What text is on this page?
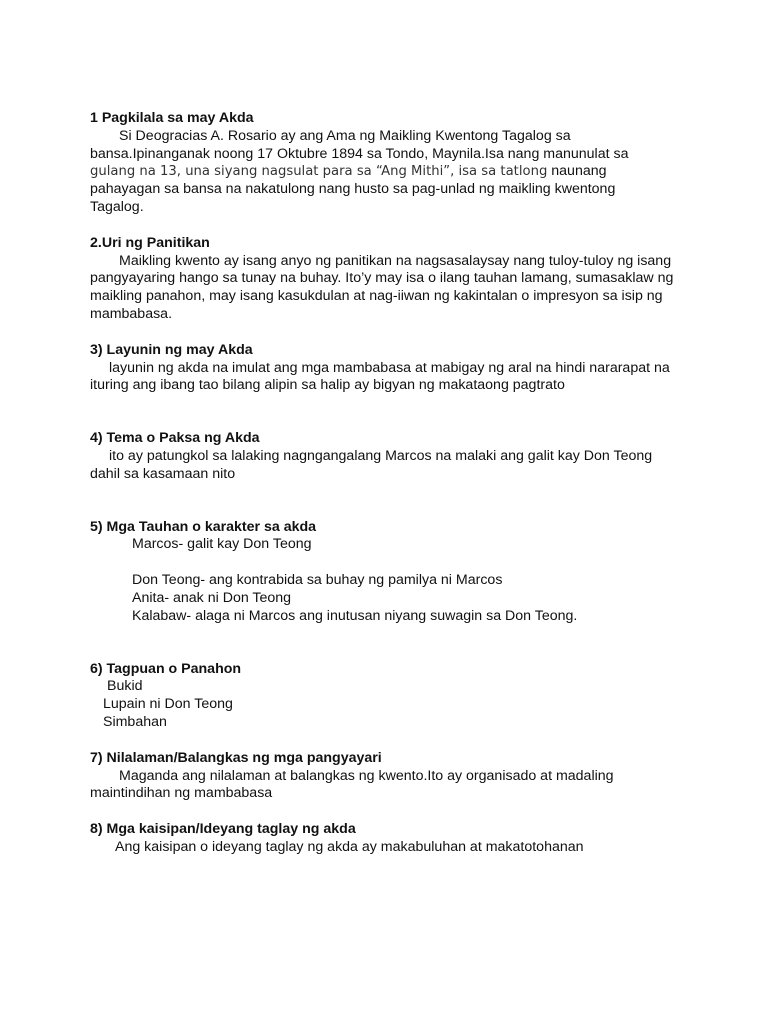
1 Pagkilala sa may Akda
Si Deogracias A. Rosario ay ang Ama ng Maikling Kwentong Tagalog sa
bansa.Ipinanganak noong 17 Oktubre 1894 sa Tondo, Maynila.Isa nang manunulat sa
gulang na 13, una siyang nagsulat para sa “Ang Mithi”, isa sa tatlong naunang
pahayagan sa bansa na nakatulong nang husto sa pag-unlad ng maikling kwentong
Tagalog.
2.Uri ng Panitikan
Maikling kwento ay isang anyo ng panitikan na nagsasalaysay nang tuloy-tuloy ng isang pangyayaring hango sa tunay na buhay. Ito’y may isa o ilang tauhan lamang, sumasaklaw ng maikling panahon, may isang kasukdulan at nag-iiwan ng kakintalan o impresyon sa isip ng mambabasa.
3) Layunin ng may Akda
layunin ng akda na imulat ang mga mambabasa at mabigay ng aral na hindi nararapat na ituring ang ibang tao bilang alipin sa halip ay bigyan ng makataong pagtrato
4) Tema o Paksa ng Akda
ito ay patungkol sa lalaking nagngangalang Marcos na malaki ang galit kay Don Teong dahil sa kasamaan nito
5) Mga Tauhan o karakter sa akda
Marcos- galit kay Don Teong
Don Teong- ang kontrabida sa buhay ng pamilya ni Marcos
Anita- anak ni Don Teong
Kalabaw- alaga ni Marcos ang inutusan niyang suwagin sa Don Teong.
6) Tagpuan o Panahon
Bukid
Lupain ni Don Teong
Simbahan
7) Nilalaman/Balangkas ng mga pangyayari
Maganda ang nilalaman at balangkas ng kwento.Ito ay organisado at madaling maintindihan ng mambabasa
8) Mga kaisipan/Ideyang taglay ng akda
Ang kaisipan o ideyang taglay ng akda ay makabuluhan at makatotohanan
